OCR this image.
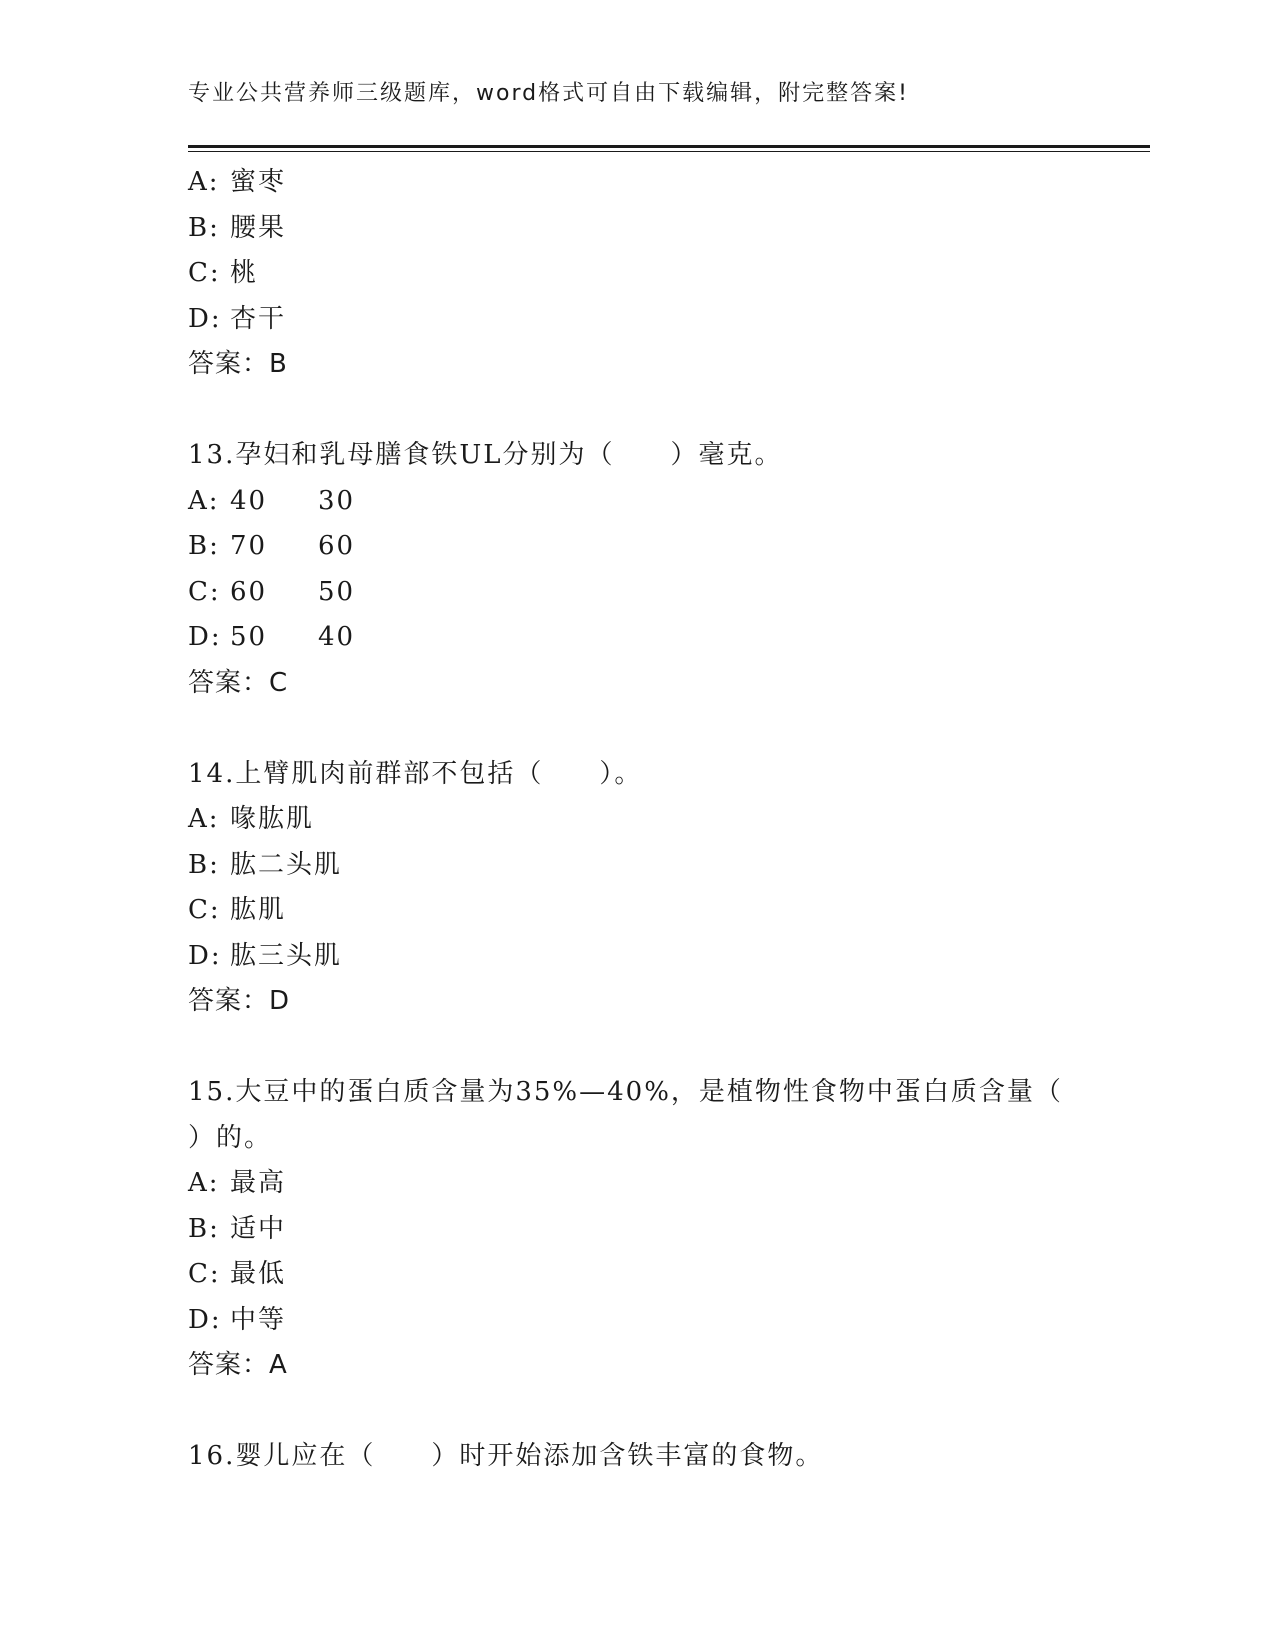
专业公共营养师三级题库，word格式可自由下载编辑，附完整答案!
A: 蜜枣
B: 腰果
C: 桃
D: 杏干
答案：B
13.孕妇和乳母膳食铁UL分别为（　　）毫克。
A: 40 30
B: 70 60
C: 60 50
D: 50 40
答案：C
14.上臂肌肉前群部不包括（　　）。
A: 喙肱肌
B: 肱二头肌
C: 肱肌
D: 肱三头肌
答案：D
15.大豆中的蛋白质含量为35%—40%，是植物性食物中蛋白质含量（
）的。
A: 最高
B: 适中
C: 最低
D: 中等
答案：A
16.婴儿应在（　　）时开始添加含铁丰富的食物。
